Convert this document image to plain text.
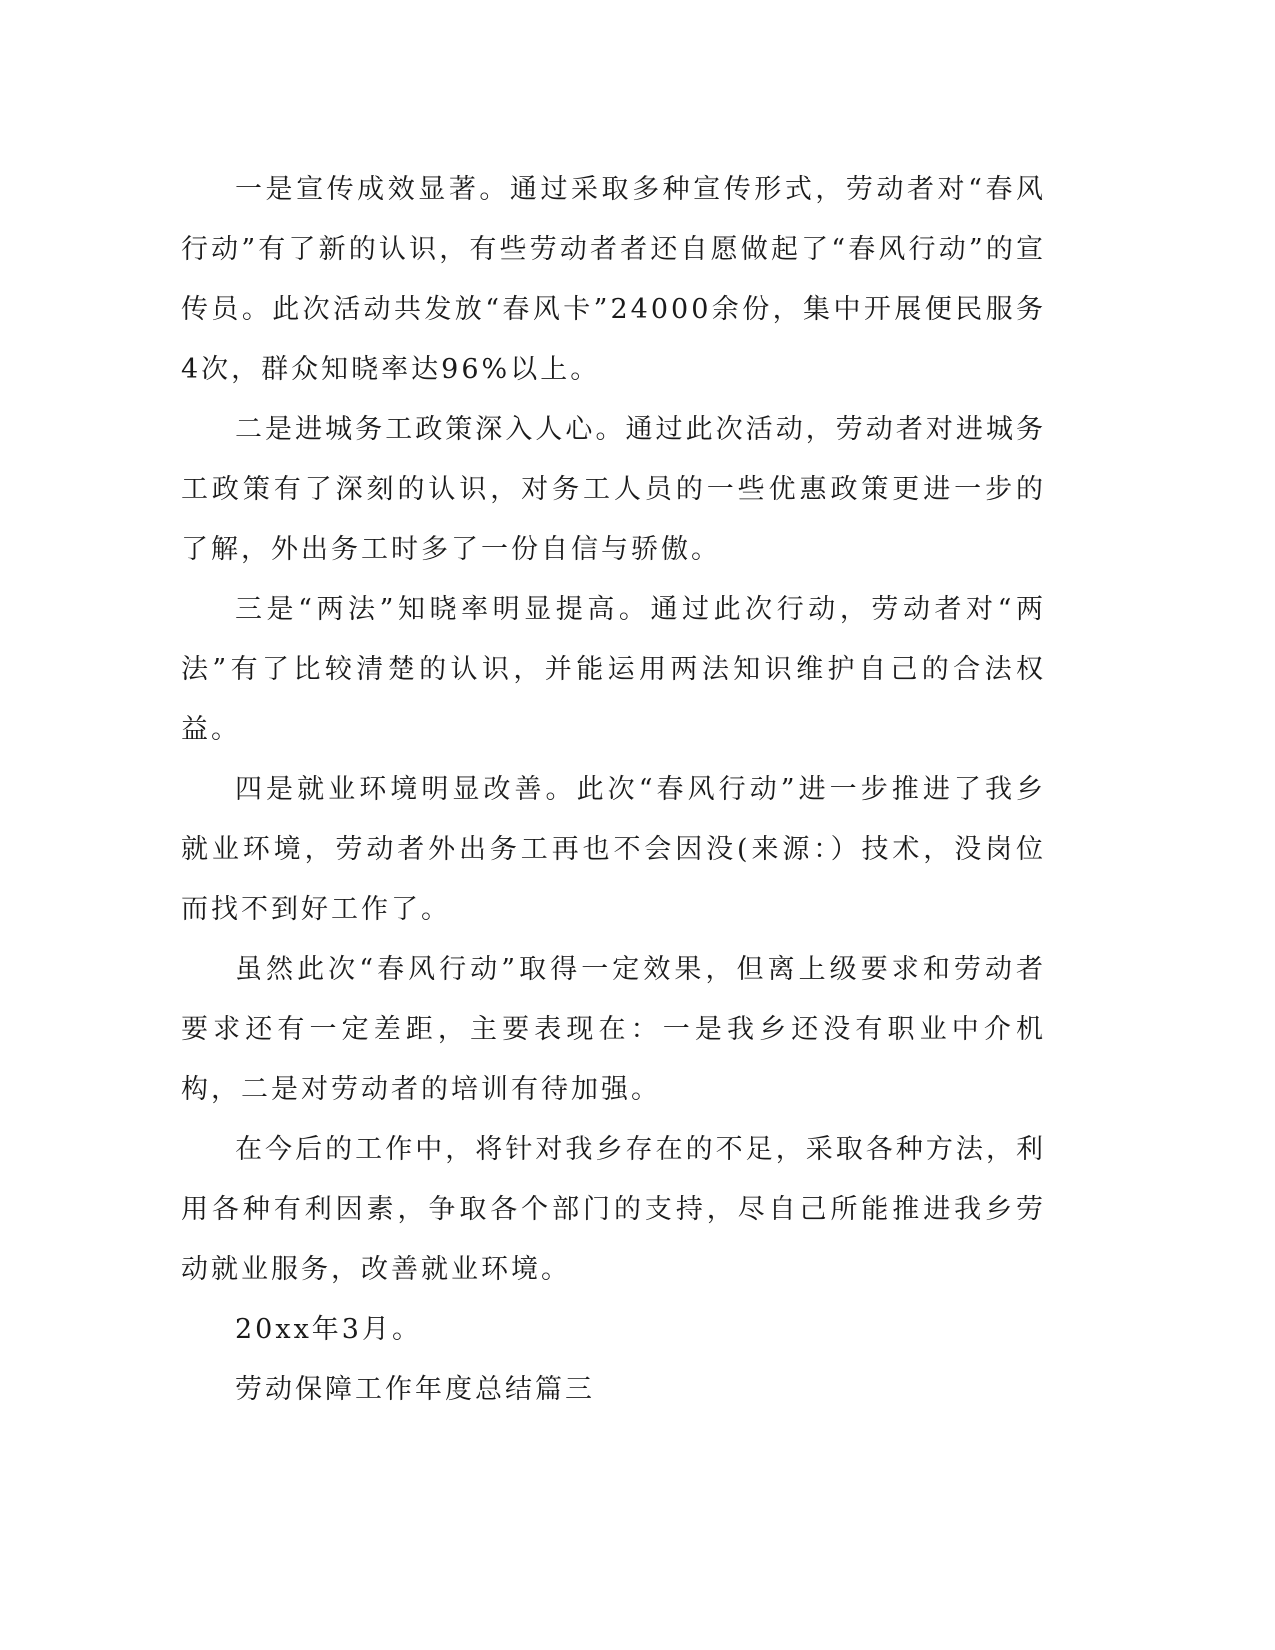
一是宣传成效显著。通过采取多种宣传形式，劳动者对“春风行动”有了新的认识，有些劳动者者还自愿做起了“春风行动”的宣传员。此次活动共发放“春风卡”24000余份，集中开展便民服务4次，群众知晓率达96%以上。

二是进城务工政策深入人心。通过此次活动，劳动者对进城务工政策有了深刻的认识，对务工人员的一些优惠政策更进一步的了解，外出务工时多了一份自信与骄傲。

三是“两法”知晓率明显提高。通过此次行动，劳动者对“两法”有了比较清楚的认识，并能运用两法知识维护自己的合法权益。

四是就业环境明显改善。此次“春风行动”进一步推进了我乡就业环境，劳动者外出务工再也不会因没(来源：）技术，没岗位而找不到好工作了。

虽然此次“春风行动”取得一定效果，但离上级要求和劳动者要求还有一定差距，主要表现在：一是我乡还没有职业中介机构，二是对劳动者的培训有待加强。

在今后的工作中，将针对我乡存在的不足，采取各种方法，利用各种有利因素，争取各个部门的支持，尽自己所能推进我乡劳动就业服务，改善就业环境。

20xx年3月。

劳动保障工作年度总结篇三
